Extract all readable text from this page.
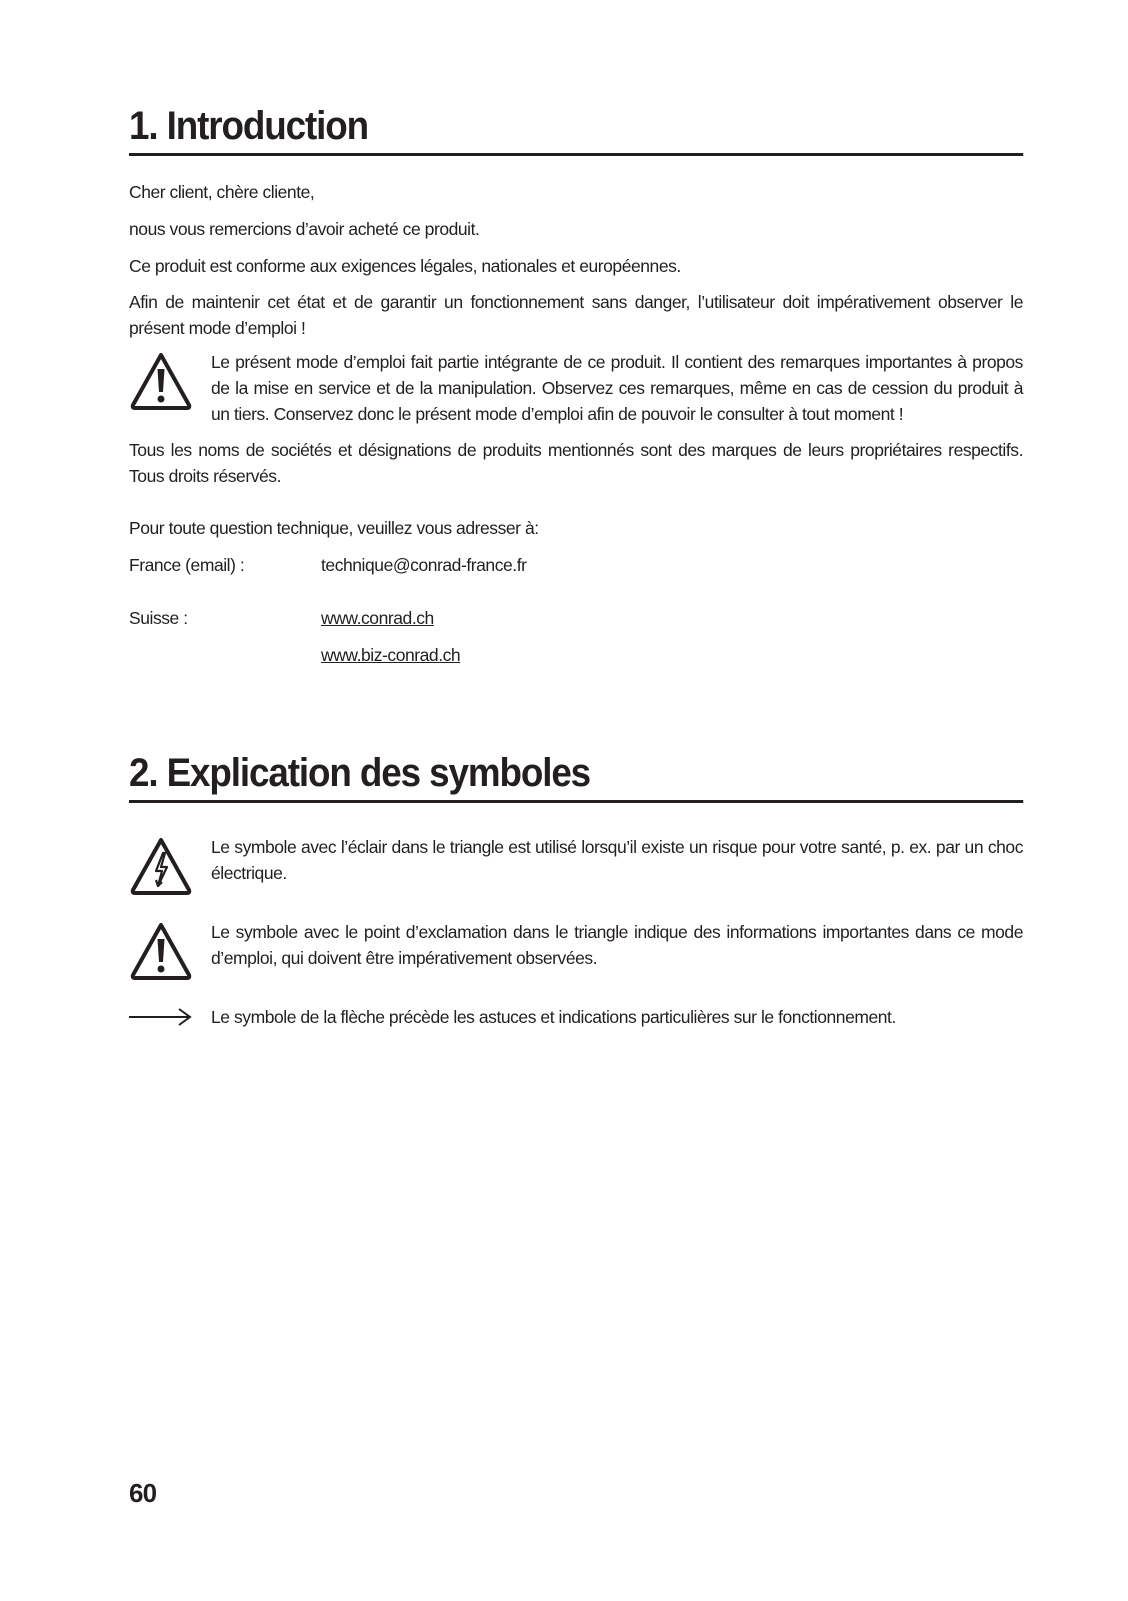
1. Introduction

Cher client, chère cliente,

nous vous remercions d’avoir acheté ce produit.

Ce produit est conforme aux exigences légales, nationales et européennes.

Afin de maintenir cet état et de garantir un fonctionnement sans danger, l’utilisateur doit impérativement observer le présent mode d’emploi !

Le présent mode d’emploi fait partie intégrante de ce produit. Il contient des remarques importantes à propos de la mise en service et de la manipulation. Observez ces remarques, même en cas de cession du produit à un tiers. Conservez donc le présent mode d’emploi afin de pouvoir le consulter à tout moment !

Tous les noms de sociétés et désignations de produits mentionnés sont des marques de leurs propriétaires respectifs. Tous droits réservés.

Pour toute question technique, veuillez vous adresser à:

France (email) :	technique@conrad-france.fr
Suisse :	www.conrad.ch
www.biz-conrad.ch
2. Explication des symboles

Le symbole avec l’éclair dans le triangle est utilisé lorsqu’il existe un risque pour votre santé, p. ex. par un choc électrique.

Le symbole avec le point d’exclamation dans le triangle indique des informations importantes dans ce mode d’emploi, qui doivent être impérativement observées.

Le symbole de la flèche précède les astuces et indications particulières sur le fonctionnement.

60
